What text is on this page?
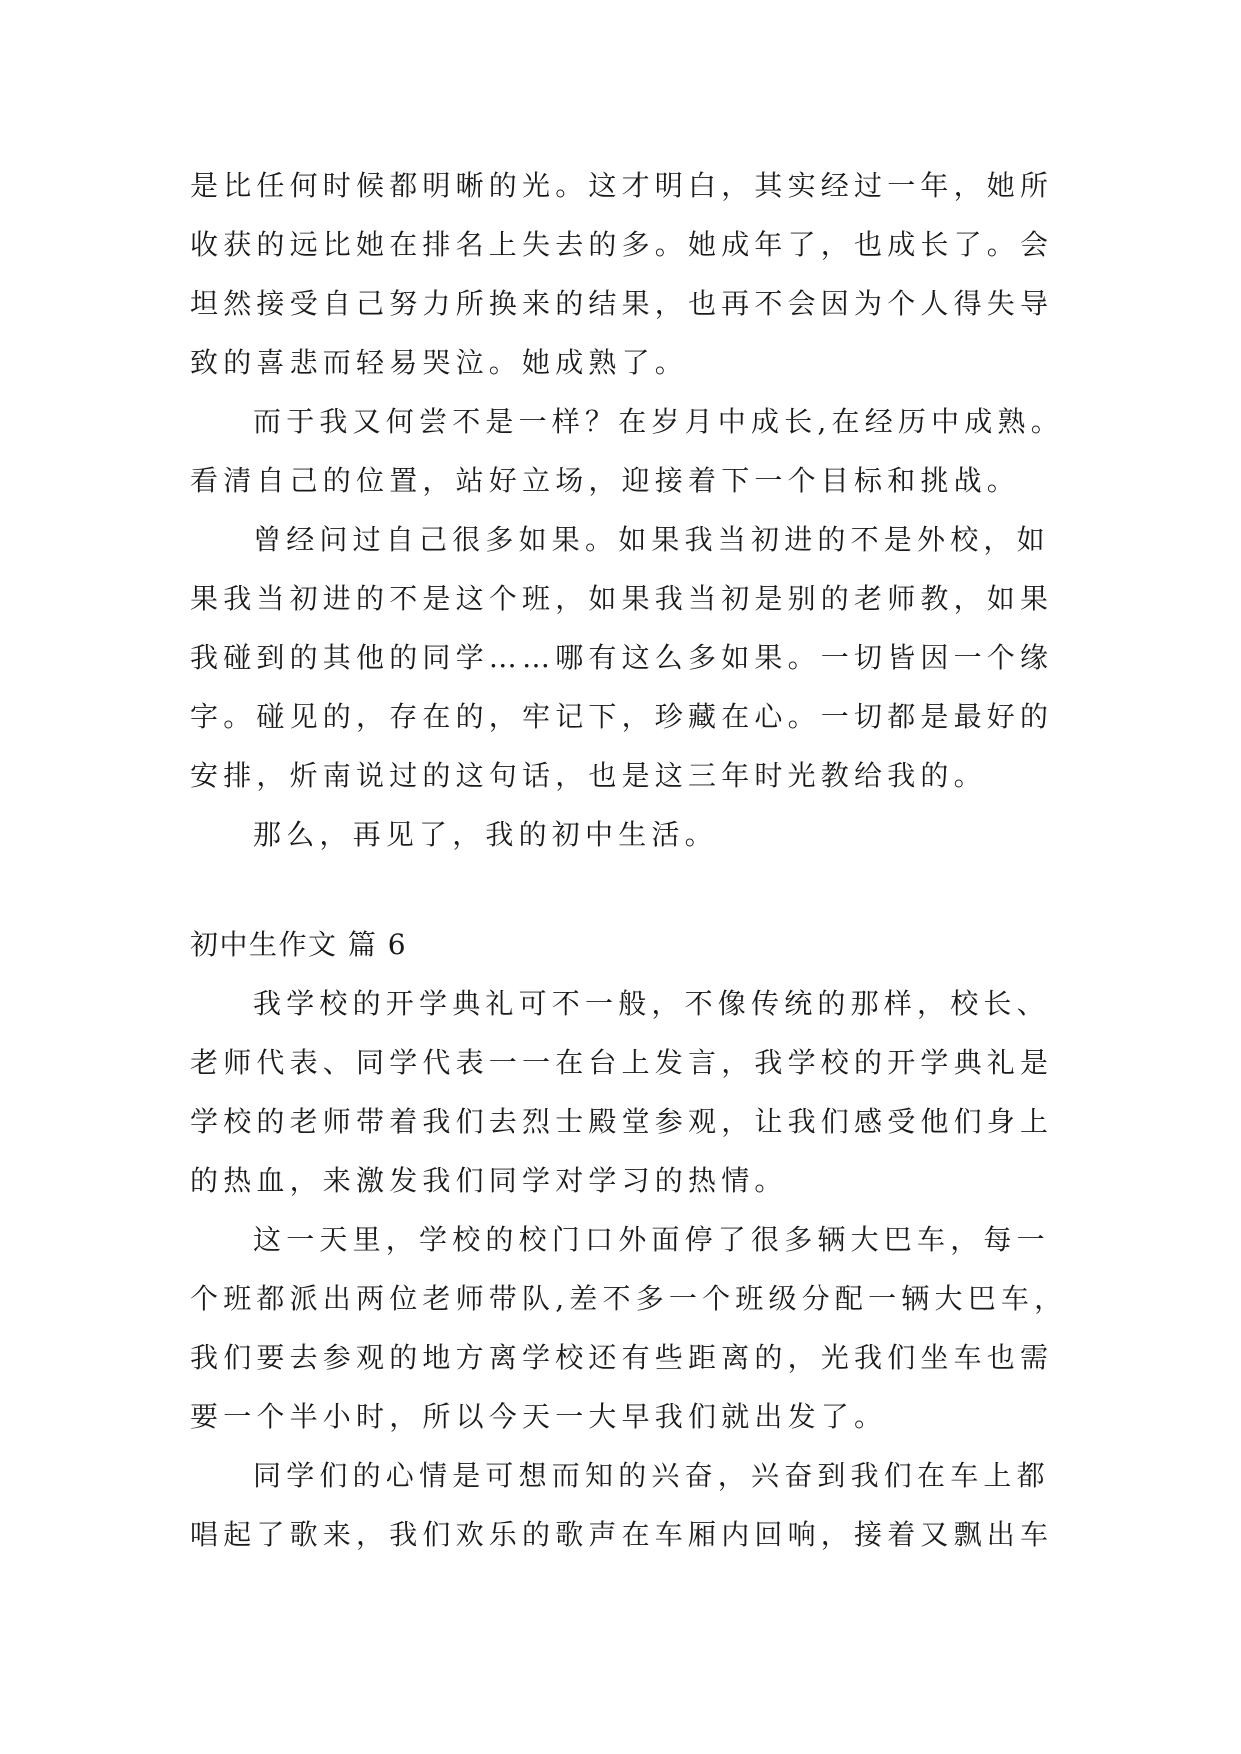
是比任何时候都明晰的光。这才明白，其实经过一年，她所
收获的远比她在排名上失去的多。她成年了，也成长了。会
坦然接受自己努力所换来的结果，也再不会因为个人得失导
致的喜悲而轻易哭泣。她成熟了。
而于我又何尝不是一样？在岁月中成长,在经历中成熟。
看清自己的位置，站好立场，迎接着下一个目标和挑战。
曾经问过自己很多如果。如果我当初进的不是外校，如
果我当初进的不是这个班，如果我当初是别的老师教，如果
我碰到的其他的同学……哪有这么多如果。一切皆因一个缘
字。碰见的，存在的，牢记下，珍藏在心。一切都是最好的
安排，炘南说过的这句话，也是这三年时光教给我的。
那么，再见了，我的初中生活。
初中生作文 篇 6
我学校的开学典礼可不一般，不像传统的那样，校长、
老师代表、同学代表一一在台上发言，我学校的开学典礼是
学校的老师带着我们去烈士殿堂参观，让我们感受他们身上
的热血，来激发我们同学对学习的热情。
这一天里，学校的校门口外面停了很多辆大巴车，每一
个班都派出两位老师带队,差不多一个班级分配一辆大巴车，
我们要去参观的地方离学校还有些距离的，光我们坐车也需
要一个半小时，所以今天一大早我们就出发了。
同学们的心情是可想而知的兴奋，兴奋到我们在车上都
唱起了歌来，我们欢乐的歌声在车厢内回响，接着又飘出车
